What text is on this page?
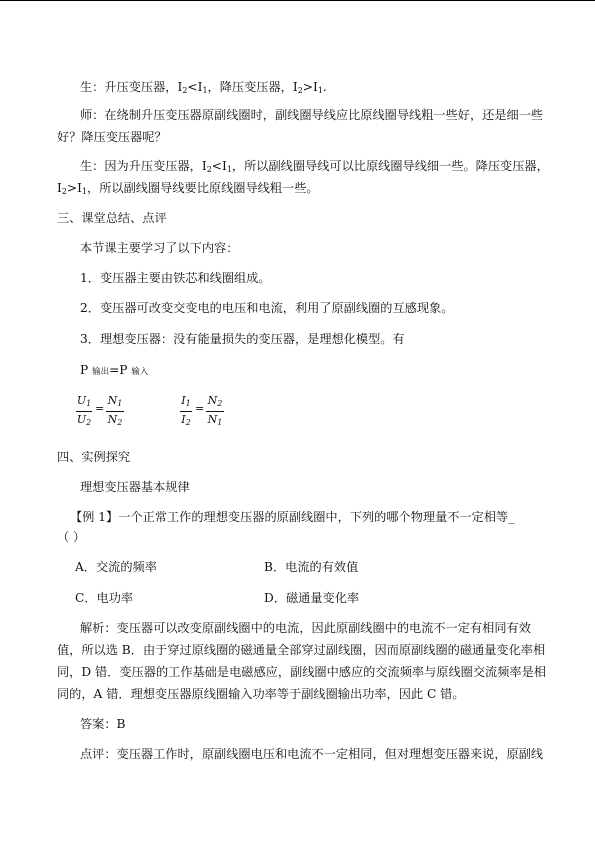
生：升压变压器，$I_2<I_1$，降压变压器，$I_2>I_1$.
师：在绕制升压变压器原副线圈时，副线圈导线应比原线圈导线粗一些好，还是细一些
好？降压变压器呢？
生：因为升压变压器，$I_2<I_1$，所以副线圈导线可以比原线圈导线细一些。降压变压器，
$I_2>I_1$，所以副线圈导线要比原线圈导线粗一些。
三、课堂总结、点评
本节课主要学习了以下内容：
1．变压器主要由铁芯和线圈组成。
2．变压器可改变交变电的电压和电流，利用了原副线圈的互感现象。
3．理想变压器：没有能量损失的变压器，是理想化模型。有
P 输出=P 输入
$U_1$
$U_2$
=
$N_1$
$N_2$
$I_1$
$I_2$
=
$N_2$
$N_1$
四、实例探究
理想变压器基本规律
【例 1】一个正常工作的理想变压器的原副线圈中，下列的哪个物理量不一定相等_
（ ）
A．交流的频率	B．电流的有效值
C．电功率	D．磁通量变化率
解析：变压器可以改变原副线圈中的电流，因此原副线圈中的电流不一定有相同有效
值，所以选 B．由于穿过原线圈的磁通量全部穿过副线圈，因而原副线圈的磁通量变化率相
同，D 错．变压器的工作基础是电磁感应，副线圈中感应的交流频率与原线圈交流频率是相
同的，A 错．理想变压器原线圈输入功率等于副线圈输出功率，因此 C 错。
答案：B
点评：变压器工作时，原副线圈电压和电流不一定相同，但对理想变压器来说，原副线
